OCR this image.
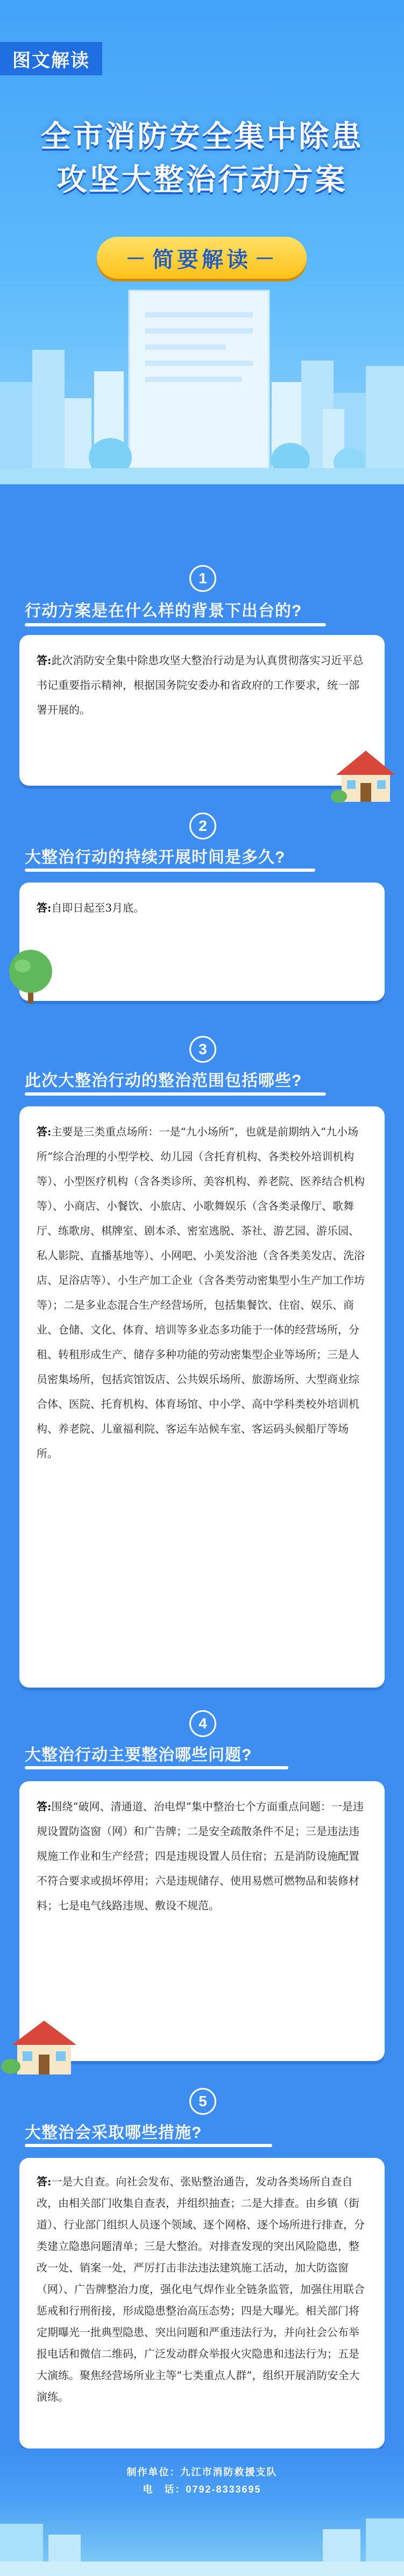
图文解读
全市消防安全集中除患
攻坚大整治行动方案
— 简要解读 —
1
行动方案是在什么样的背景下出台的?
答:此次消防安全集中除患攻坚大整治行动是为认真贯彻落实习近平总书记重要指示精神，根据国务院安委办和省政府的工作要求，统一部署开展的。
2
大整治行动的持续开展时间是多久?
答:自即日起至3月底。
3
此次大整治行动的整治范围包括哪些?
答:主要是三类重点场所：一是“九小场所”，也就是前期纳入“九小场所”综合治理的小型学校、幼儿园（含托育机构、各类校外培训机构等）、小型医疗机构（含各类诊所、美容机构、养老院、医养结合机构等）、小商店、小餐饮、小旅店、小歌舞娱乐（含各类录像厅、歌舞厅、练歌房、棋牌室、剧本杀、密室逃脱、茶社、游艺园、游乐园、私人影院、直播基地等）、小网吧、小美发浴池（含各类美发店、洗浴店、足浴店等）、小生产加工企业（含各类劳动密集型小生产加工作坊等）；二是多业态混合生产经营场所，包括集餐饮、住宿、娱乐、商业、仓储、文化、体育、培训等多业态多功能于一体的经营场所，分租、转租形成生产、储存多种功能的劳动密集型企业等场所；三是人员密集场所，包括宾馆饭店、公共娱乐场所、旅游场所、大型商业综合体、医院、托育机构、体育场馆、中小学、高中学科类校外培训机构、养老院、儿童福利院、客运车站候车室、客运码头候船厅等场所。
4
大整治行动主要整治哪些问题?
答:围绕“破网、清通道、治电焊”集中整治七个方面重点问题：一是违规设置防盗窗（网）和广告牌；二是安全疏散条件不足；三是违法违规施工作业和生产经营；四是违规设置人员住宿；五是消防设施配置不符合要求或损坏停用；六是违规储存、使用易燃可燃物品和装修材料；七是电气线路违规、敷设不规范。
5
大整治会采取哪些措施?
答:一是大自查。向社会发布、张贴整治通告，发动各类场所自查自改，由相关部门收集自查表，并组织抽查；二是大排查。由乡镇（街道）、行业部门组织人员逐个领域、逐个网格、逐个场所进行排查，分类建立隐患问题清单；三是大整治。对排查发现的突出风险隐患，整改一处、销案一处，严厉打击非法违法建筑施工活动，加大防盗窗（网）、广告牌整治力度，强化电气焊作业全链条监管，加强住用联合惩戒和行刑衔接，形成隐患整治高压态势；四是大曝光。相关部门将定期曝光一批典型隐患、突出问题和严重违法行为，并向社会公布举报电话和微信二维码，广泛发动群众举报火灾隐患和违法行为；五是大演练。聚焦经营场所业主等“七类重点人群”，组织开展消防安全大演练。
制作单位：九江市消防救援支队
电　话：0792-8333695
